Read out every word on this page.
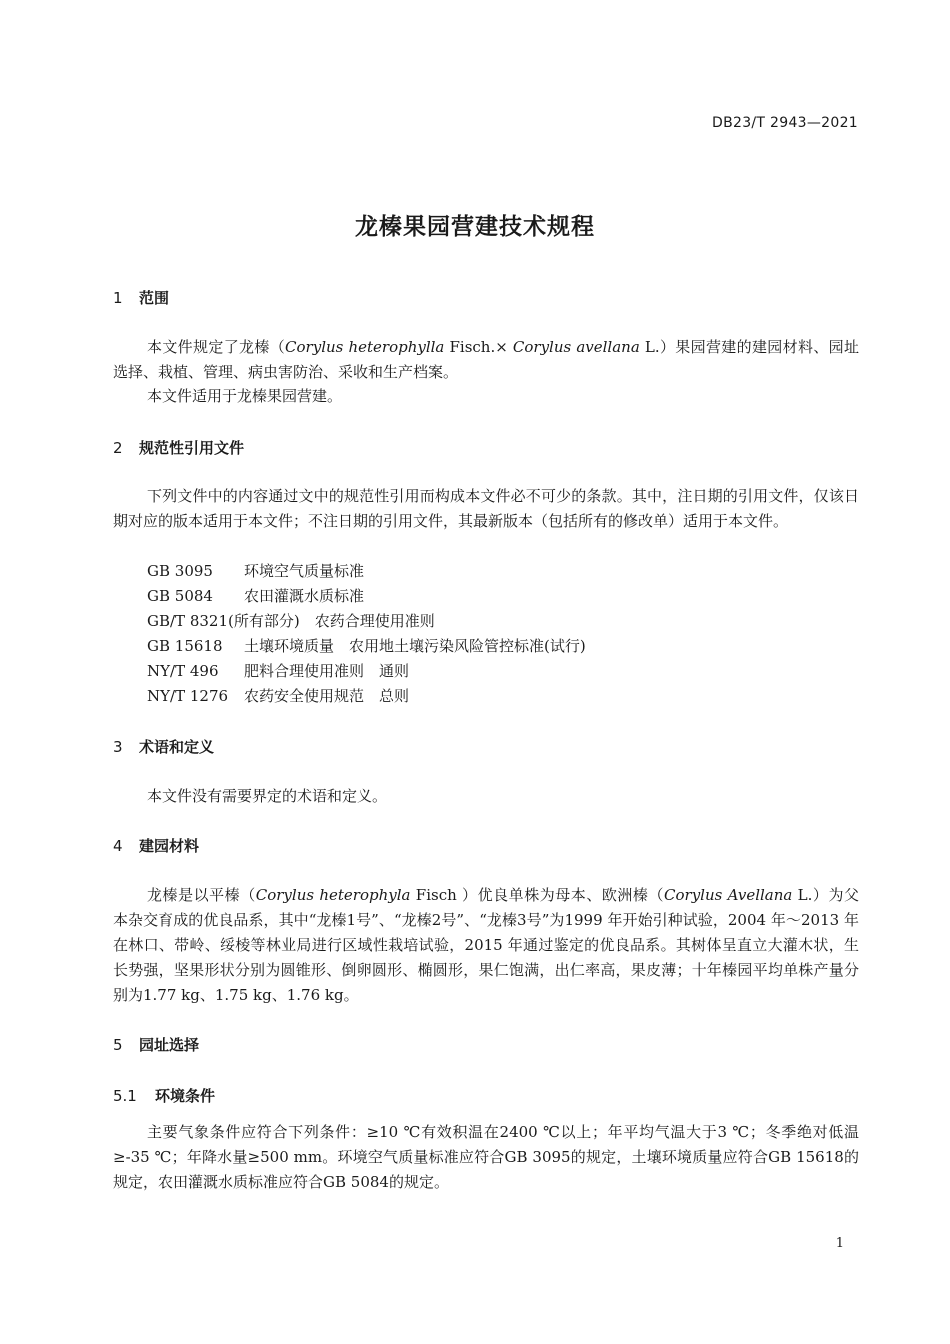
DB23/T 2943—2021
龙榛果园营建技术规程
1 范围
本文件规定了龙榛（Corylus heterophylla Fisch.× Corylus avellana L.）果园营建的建园材料、园址选择、栽植、管理、病虫害防治、采收和生产档案。
本文件适用于龙榛果园营建。
2 规范性引用文件
下列文件中的内容通过文中的规范性引用而构成本文件必不可少的条款。其中，注日期的引用文件，仅该日期对应的版本适用于本文件；不注日期的引用文件，其最新版本（包括所有的修改单）适用于本文件。
GB 3095　 环境空气质量标准
GB 5084　 农田灌溉水质标准
GB/T 8321(所有部分)　 农药合理使用准则
GB 15618　 土壤环境质量　农用地土壤污染风险管控标准(试行)
NY/T 496　 肥料合理使用准则　通则
NY/T 1276　 农药安全使用规范　总则
3 术语和定义
本文件没有需要界定的术语和定义。
4 建园材料
龙榛是以平榛（Corylus heterophyla Fisch ）优良单株为母本、欧洲榛（Corylus Avellana L.）为父本杂交育成的优良品系，其中“龙榛1号”、“龙榛2号”、“龙榛3号”为1999 年开始引种试验，2004 年～2013 年在林口、带岭、绥棱等林业局进行区域性栽培试验，2015 年通过鉴定的优良品系。其树体呈直立大灌木状，生长势强，坚果形状分别为圆锥形、倒卵圆形、椭圆形，果仁饱满，出仁率高，果皮薄；十年榛园平均单株产量分别为1.77 kg、1.75 kg、1.76 kg。
5 园址选择
5.1 环境条件
主要气象条件应符合下列条件：≥10 ℃有效积温在2400 ℃以上；年平均气温大于3 ℃；冬季绝对低温≥-35 ℃；年降水量≥500 mm。环境空气质量标准应符合GB 3095的规定，土壤环境质量应符合GB 15618的规定，农田灌溉水质标准应符合GB 5084的规定。
1
